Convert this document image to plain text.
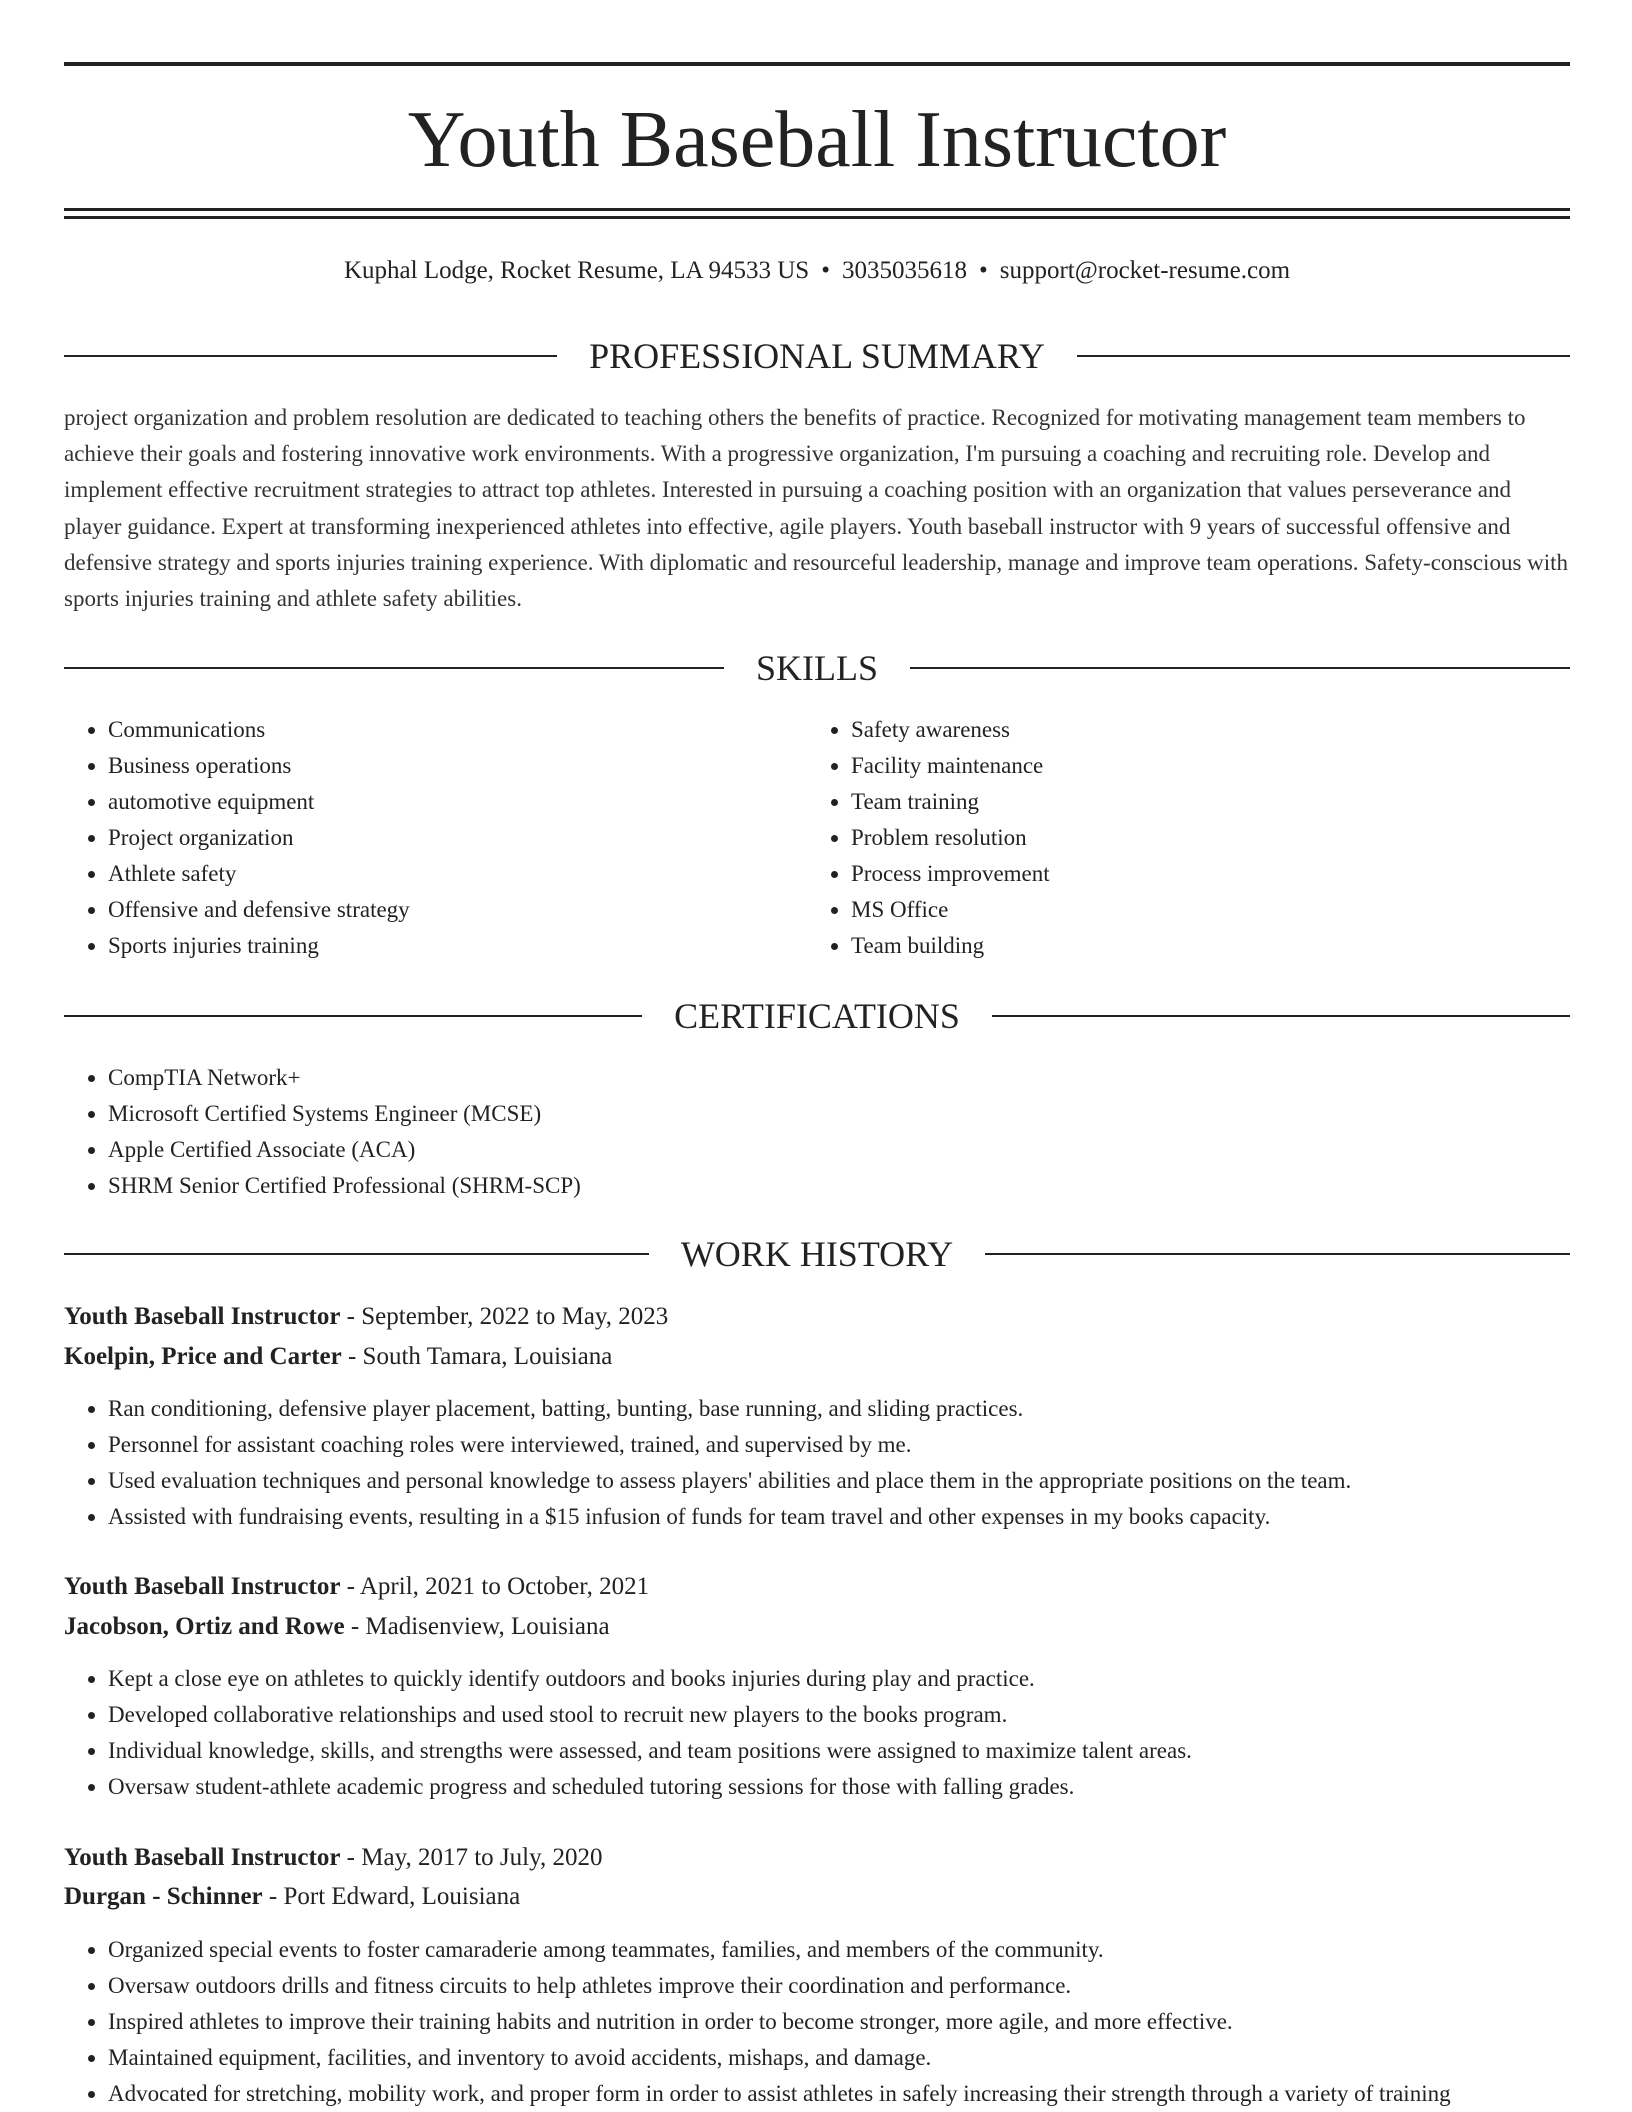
Youth Baseball Instructor
Kuphal Lodge, Rocket Resume, LA 94533 US • 3035035618 • support@rocket-resume.com
PROFESSIONAL SUMMARY

project organization and problem resolution are dedicated to teaching others the benefits of practice. Recognized for motivating management team members to achieve their goals and fostering innovative work environments. With a progressive organization, I'm pursuing a coaching and recruiting role. Develop and implement effective recruitment strategies to attract top athletes. Interested in pursuing a coaching position with an organization that values perseverance and player guidance. Expert at transforming inexperienced athletes into effective, agile players. Youth baseball instructor with 9 years of successful offensive and defensive strategy and sports injuries training experience. With diplomatic and resourceful leadership, manage and improve team operations. Safety-conscious with sports injuries training and athlete safety abilities.

SKILLS
• Communications
• Business operations
• automotive equipment
• Project organization
• Athlete safety
• Offensive and defensive strategy
• Sports injuries training
• Safety awareness
• Facility maintenance
• Team training
• Problem resolution
• Process improvement
• MS Office
• Team building
CERTIFICATIONS
• CompTIA Network+
• Microsoft Certified Systems Engineer (MCSE)
• Apple Certified Associate (ACA)
• SHRM Senior Certified Professional (SHRM-SCP)
WORK HISTORY
Youth Baseball Instructor - September, 2022 to May, 2023
Koelpin, Price and Carter - South Tamara, Louisiana
• Ran conditioning, defensive player placement, batting, bunting, base running, and sliding practices.
• Personnel for assistant coaching roles were interviewed, trained, and supervised by me.
• Used evaluation techniques and personal knowledge to assess players' abilities and place them in the appropriate positions on the team.
• Assisted with fundraising events, resulting in a $15 infusion of funds for team travel and other expenses in my books capacity.
Youth Baseball Instructor - April, 2021 to October, 2021
Jacobson, Ortiz and Rowe - Madisenview, Louisiana
• Kept a close eye on athletes to quickly identify outdoors and books injuries during play and practice.
• Developed collaborative relationships and used stool to recruit new players to the books program.
• Individual knowledge, skills, and strengths were assessed, and team positions were assigned to maximize talent areas.
• Oversaw student-athlete academic progress and scheduled tutoring sessions for those with falling grades.
Youth Baseball Instructor - May, 2017 to July, 2020
Durgan - Schinner - Port Edward, Louisiana
• Organized special events to foster camaraderie among teammates, families, and members of the community.
• Oversaw outdoors drills and fitness circuits to help athletes improve their coordination and performance.
• Inspired athletes to improve their training habits and nutrition in order to become stronger, more agile, and more effective.
• Maintained equipment, facilities, and inventory to avoid accidents, mishaps, and damage.
• Advocated for stretching, mobility work, and proper form in order to assist athletes in safely increasing their strength through a variety of training
